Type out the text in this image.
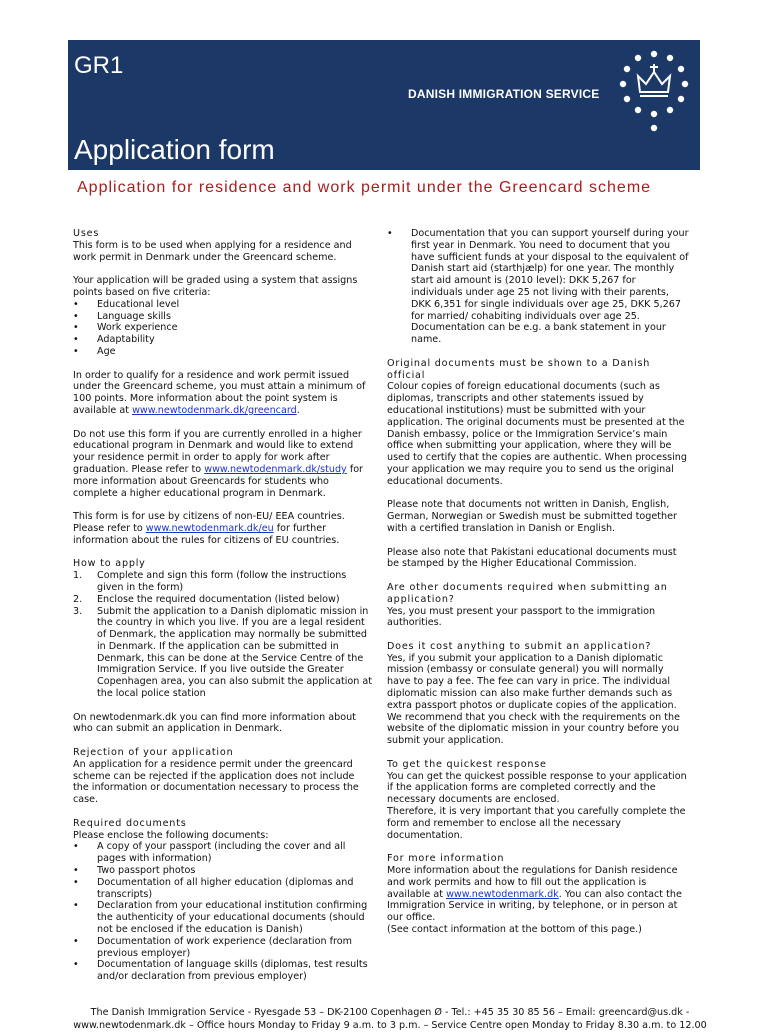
GR1
DANISH IMMIGRATION SERVICE
Application form
Application for residence and work permit under the Greencard scheme

Uses

This form is to be used when applying for a residence and work permit in Denmark under the Greencard scheme.

Your application will be graded using a system that assigns points based on five criteria:

• Educational level
• Language skills
• Work experience
• Adaptability
• Age

In order to qualify for a residence and work permit issued under the Greencard scheme, you must attain a minimum of 100 points. More information about the point system is available at www.newtodenmark.dk/greencard.

Do not use this form if you are currently enrolled in a higher educational program in Denmark and would like to extend your residence permit in order to apply for work after graduation. Please refer to www.newtodenmark.dk/study for more information about Greencards for students who complete a higher educational program in Denmark.

This form is for use by citizens of non-EU/ EEA countries. Please refer to www.newtodenmark.dk/eu for further information about the rules for citizens of EU countries.

How to apply

1. Complete and sign this form (follow the instructions given in the form)
2. Enclose the required documentation (listed below)
3. Submit the application to a Danish diplomatic mission in the country in which you live. If you are a legal resident of Denmark, the application may normally be submitted in Denmark. If the application can be submitted in Denmark, this can be done at the Service Centre of the Immigration Service. If you live outside the Greater Copenhagen area, you can also submit the application at the local police station

On newtodenmark.dk you can find more information about who can submit an application in Denmark.

Rejection of your application

An application for a residence permit under the greencard scheme can be rejected if the application does not include the information or documentation necessary to process the case.

Required documents

Please enclose the following documents:

• A copy of your passport (including the cover and all pages with information)
• Two passport photos
• Documentation of all higher education (diplomas and transcripts)
• Declaration from your educational institution confirming the authenticity of your educational documents (should not be enclosed if the education is Danish)
• Documentation of work experience (declaration from previous employer)
• Documentation of language skills (diplomas, test results and/or declaration from previous employer)
• Documentation that you can support yourself during your first year in Denmark. You need to document that you have sufficient funds at your disposal to the equivalent of Danish start aid (starthjælp) for one year. The monthly start aid amount is (2010 level): DKK 5,267 for individuals under age 25 not living with their parents, DKK 6,351 for single individuals over age 25, DKK 5,267 for married/ cohabiting individuals over age 25. Documentation can be e.g. a bank statement in your name.

Original documents must be shown to a Danish official

Colour copies of foreign educational documents (such as diplomas, transcripts and other statements issued by educational institutions) must be submitted with your application. The original documents must be presented at the Danish embassy, police or the Immigration Service’s main office when submitting your application, where they will be used to certify that the copies are authentic. When processing your application we may require you to send us the original educational documents.

Please note that documents not written in Danish, English, German, Norwegian or Swedish must be submitted together with a certified translation in Danish or English.

Please also note that Pakistani educational documents must be stamped by the Higher Educational Commission.

Are other documents required when submitting an application?

Yes, you must present your passport to the immigration authorities.

Does it cost anything to submit an application?

Yes, if you submit your application to a Danish diplomatic mission (embassy or consulate general) you will normally have to pay a fee. The fee can vary in price. The individual diplomatic mission can also make further demands such as extra passport photos or duplicate copies of the application. We recommend that you check with the requirements on the website of the diplomatic mission in your country before you submit your application.

To get the quickest response

You can get the quickest possible response to your application if the application forms are completed correctly and the necessary documents are enclosed.

Therefore, it is very important that you carefully complete the form and remember to enclose all the necessary documentation.

For more information

More information about the regulations for Danish residence and work permits and how to fill out the application is available at www.newtodenmark.dk. You can also contact the Immigration Service in writing, by telephone, or in person at our office.

(See contact information at the bottom of this page.)

The Danish Immigration Service - Ryesgade 53 – DK-2100 Copenhagen Ø - Tel.: +45 35 30 85 56 – Email: greencard@us.dk -
www.newtodenmark.dk – Office hours Monday to Friday 9 a.m. to 3 p.m. – Service Centre open Monday to Friday 8.30 a.m. to 12.00
